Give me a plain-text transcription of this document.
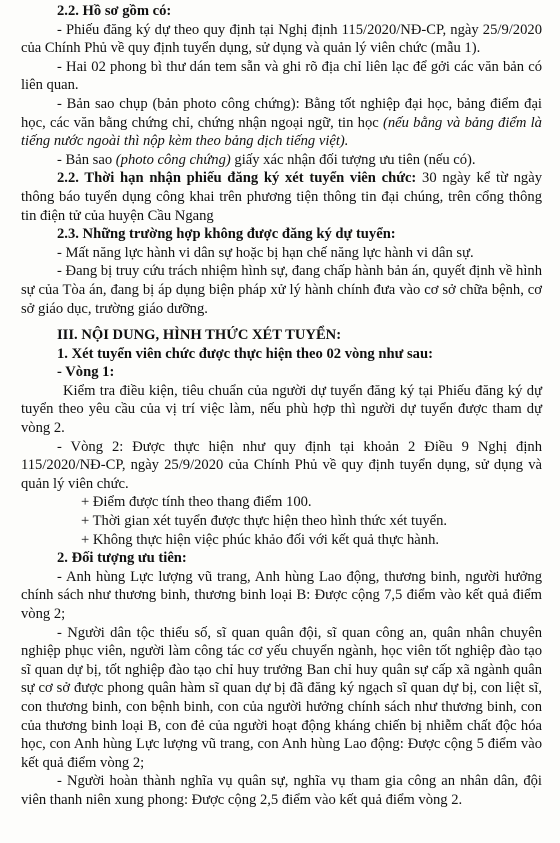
2.2. Hồ sơ gồm có:

- Phiếu đăng ký dự theo quy định tại Nghị định 115/2020/NĐ-CP, ngày 25/9/2020 của Chính Phủ về quy định tuyển dụng, sử dụng và quản lý viên chức (mẫu 1).

- Hai 02 phong bì thư dán tem sẵn và ghi rõ địa chỉ liên lạc để gởi các văn bản có liên quan.

- Bản sao chụp (bản photo công chứng): Bằng tốt nghiệp đại học, bảng điểm đại học, các văn bằng chứng chỉ, chứng nhận ngoại ngữ, tin học (nếu bằng và bảng điểm là tiếng nước ngoài thì nộp kèm theo bảng dịch tiếng việt).

- Bản sao (photo công chứng) giấy xác nhận đối tượng ưu tiên (nếu có).

2.2. Thời hạn nhận phiếu đăng ký xét tuyển viên chức: 30 ngày kể từ ngày thông báo tuyển dụng công khai trên phương tiện thông tin đại chúng, trên cổng thông tin điện tử của huyện Cầu Ngang

2.3. Những trường hợp không được đăng ký dự tuyển:

- Mất năng lực hành vi dân sự hoặc bị hạn chế năng lực hành vi dân sự.

- Đang bị truy cứu trách nhiệm hình sự, đang chấp hành bản án, quyết định về hình sự của Tòa án, đang bị áp dụng biện pháp xử lý hành chính đưa vào cơ sở chữa bệnh, cơ sở giáo dục, trường giáo dưỡng.

III. NỘI DUNG, HÌNH THỨC XÉT TUYỂN:

1. Xét tuyển viên chức được thực hiện theo 02 vòng như sau:

- Vòng 1:

Kiểm tra điều kiện, tiêu chuẩn của người dự tuyển đăng ký tại Phiếu đăng ký dự tuyển theo yêu cầu của vị trí việc làm, nếu phù hợp thì người dự tuyển được tham dự vòng 2.

- Vòng 2: Được thực hiện như quy định tại khoản 2 Điều 9 Nghị định 115/2020/NĐ-CP, ngày 25/9/2020 của Chính Phủ về quy định tuyển dụng, sử dụng và quản lý viên chức.

+ Điểm được tính theo thang điểm 100.

+ Thời gian xét tuyển được thực hiện theo hình thức xét tuyển.

+ Không thực hiện việc phúc khảo đối với kết quả thực hành.

2. Đối tượng ưu tiên:

- Anh hùng Lực lượng vũ trang, Anh hùng Lao động, thương binh, người hưởng chính sách như thương binh, thương binh loại B: Được cộng 7,5 điểm vào kết quả điểm vòng 2;

- Người dân tộc thiểu số, sĩ quan quân đội, sĩ quan công an, quân nhân chuyên nghiệp phục viên, người làm công tác cơ yếu chuyển ngành, học viên tốt nghiệp đào tạo sĩ quan dự bị, tốt nghiệp đào tạo chỉ huy trưởng Ban chỉ huy quân sự cấp xã ngành quân sự cơ sở được phong quân hàm sĩ quan dự bị đã đăng ký ngạch sĩ quan dự bị, con liệt sĩ, con thương binh, con bệnh binh, con của người hưởng chính sách như thương binh, con của thương binh loại B, con đẻ của người hoạt động kháng chiến bị nhiễm chất độc hóa học, con Anh hùng Lực lượng vũ trang, con Anh hùng Lao động: Được cộng 5 điểm vào kết quả điểm vòng 2;

- Người hoàn thành nghĩa vụ quân sự, nghĩa vụ tham gia công an nhân dân, đội viên thanh niên xung phong: Được cộng 2,5 điểm vào kết quả điểm vòng 2.
